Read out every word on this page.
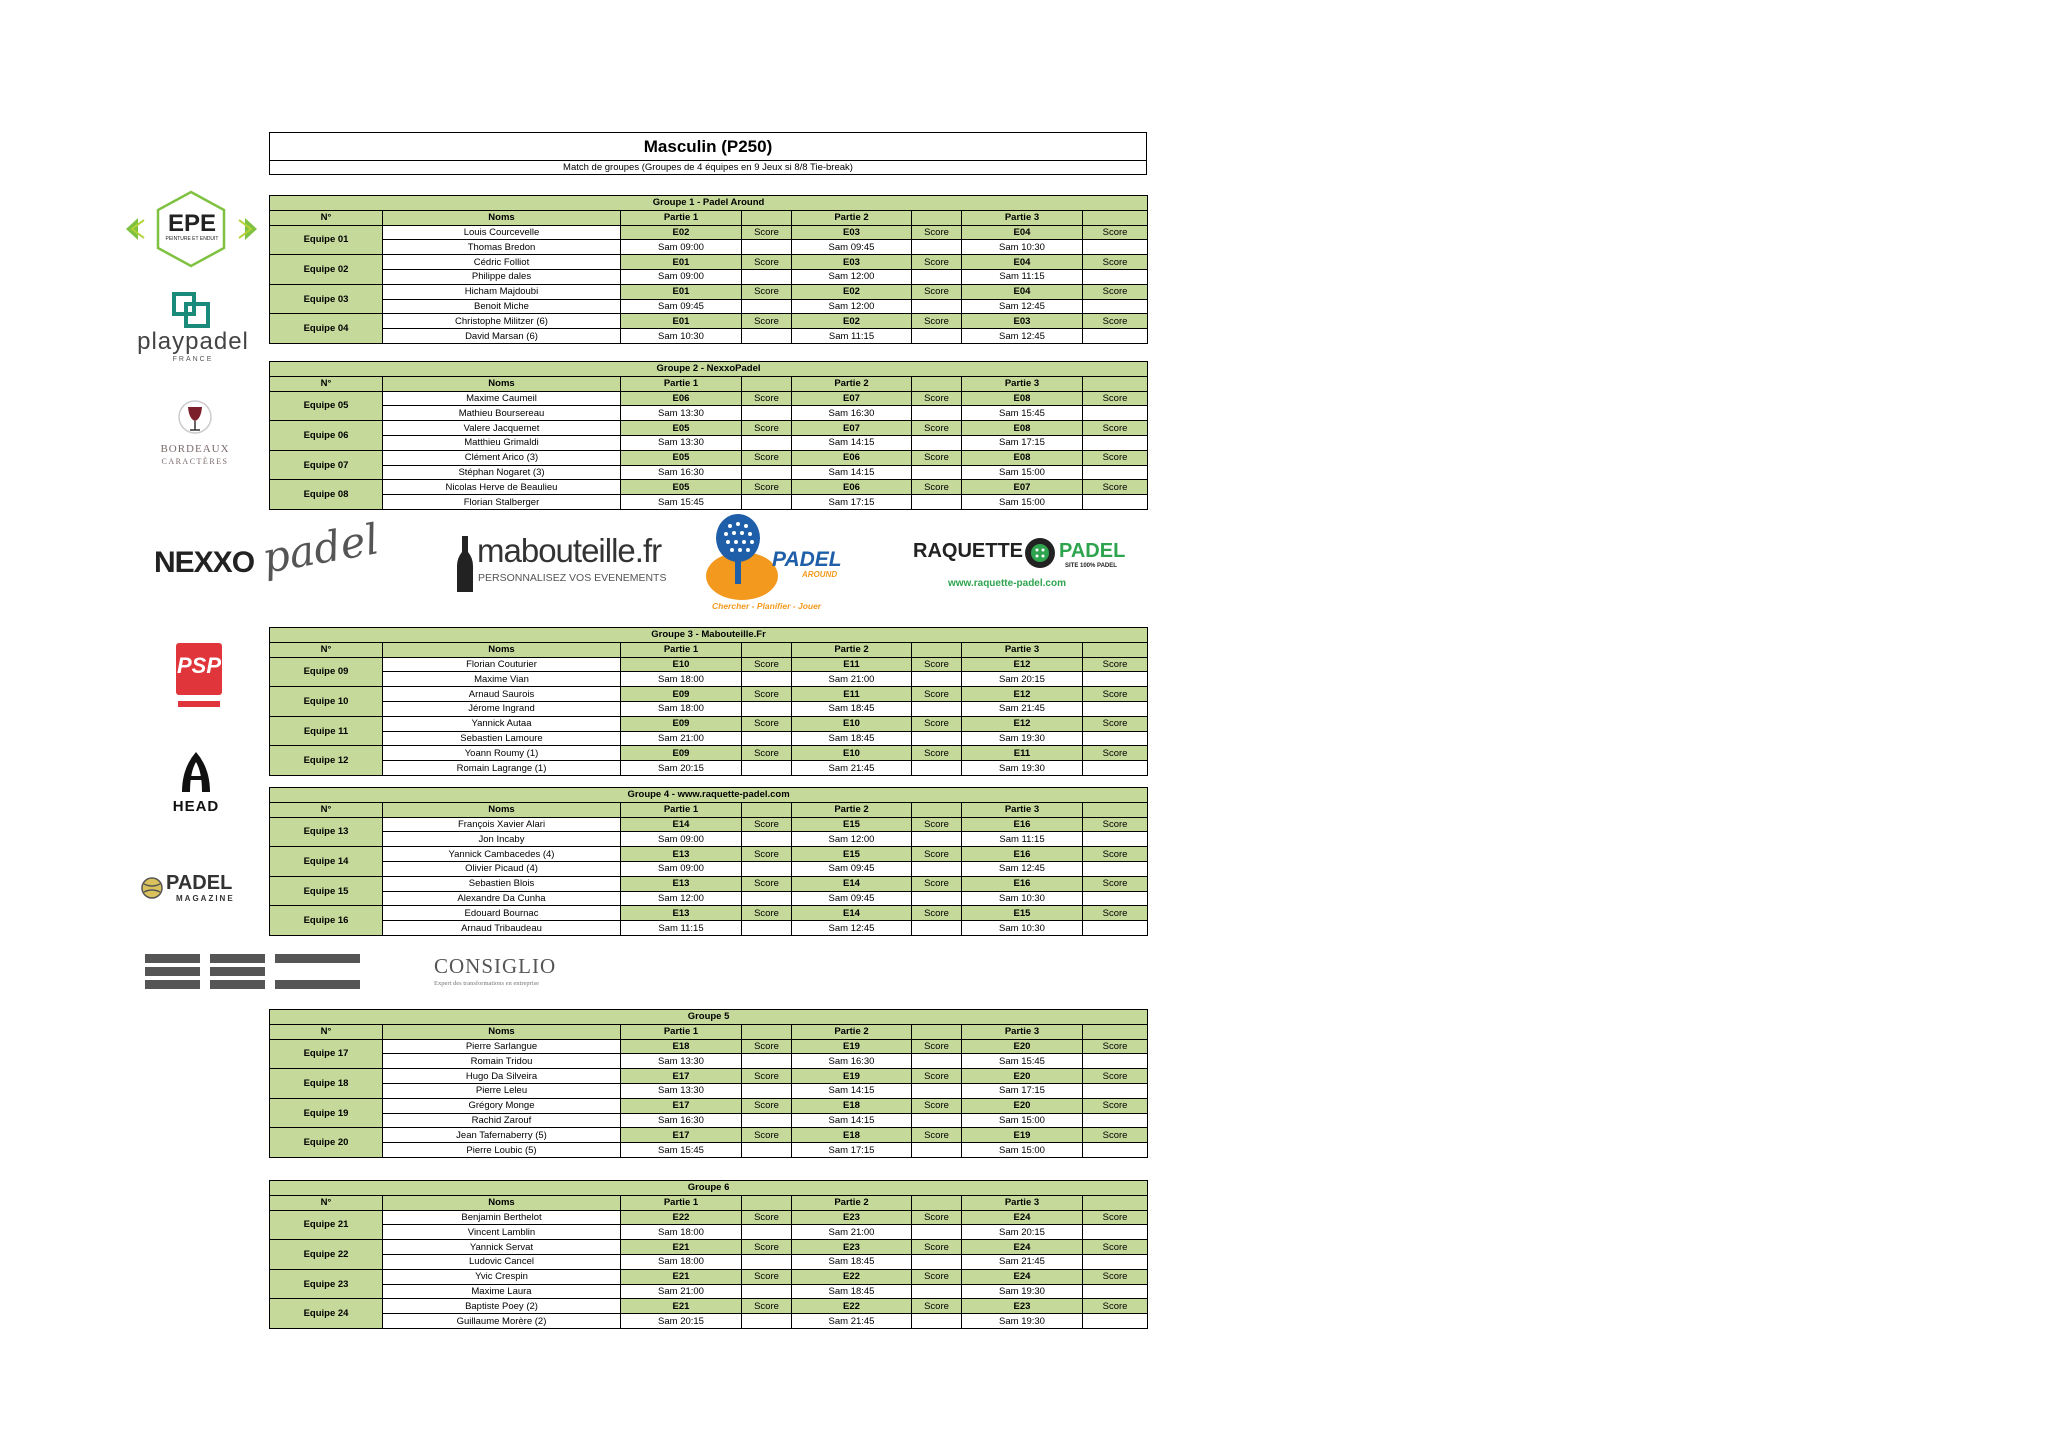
Masculin (P250)
Match de groupes (Groupes de 4 équipes en 9 Jeux si 8/8 Tie-break)
Groupe 1 - Padel Around							
N°	Noms	Partie 1		Partie 2		Partie 3	
Equipe 01	Louis Courcevelle	E02	Score	E03	Score	E04	Score
	Thomas Bredon	Sam 09:00		Sam 09:45		Sam 10:30	
Equipe 02	Cédric Folliot	E01	Score	E03	Score	E04	Score
	Philippe dales	Sam 09:00		Sam 12:00		Sam 11:15	
Equipe 03	Hicham Majdoubi	E01	Score	E02	Score	E04	Score
	Benoit Miche	Sam 09:45		Sam 12:00		Sam 12:45	
Equipe 04	Christophe Militzer (6)	E01	Score	E02	Score	E03	Score
	David Marsan (6)	Sam 10:30		Sam 11:15		Sam 12:45	
Groupe 2 - NexxoPadel							
N°	Noms	Partie 1		Partie 2		Partie 3	
Equipe 05	Maxime Caumeil	E06	Score	E07	Score	E08	Score
	Mathieu Boursereau	Sam 13:30		Sam 16:30		Sam 15:45	
Equipe 06	Valere Jacquemet	E05	Score	E07	Score	E08	Score
	Matthieu Grimaldi	Sam 13:30		Sam 14:15		Sam 17:15	
Equipe 07	Clément Arico (3)	E05	Score	E06	Score	E08	Score
	Stéphan Nogaret (3)	Sam 16:30		Sam 14:15		Sam 15:00	
Equipe 08	Nicolas Herve de Beaulieu	E05	Score	E06	Score	E07	Score
	Florian Stalberger	Sam 15:45		Sam 17:15		Sam 15:00	
Groupe 3 - Mabouteille.Fr							
N°	Noms	Partie 1		Partie 2		Partie 3	
Equipe 09	Florian Couturier	E10	Score	E11	Score	E12	Score
	Maxime Vian	Sam 18:00		Sam 21:00		Sam 20:15	
Equipe 10	Arnaud Saurois	E09	Score	E11	Score	E12	Score
	Jérome Ingrand	Sam 18:00		Sam 18:45		Sam 21:45	
Equipe 11	Yannick Autaa	E09	Score	E10	Score	E12	Score
	Sebastien Lamoure	Sam 21:00		Sam 18:45		Sam 19:30	
Equipe 12	Yoann Roumy (1)	E09	Score	E10	Score	E11	Score
	Romain Lagrange (1)	Sam 20:15		Sam 21:45		Sam 19:30	
Groupe 4 - www.raquette-padel.com							
N°	Noms	Partie 1		Partie 2		Partie 3	
Equipe 13	François Xavier Alari	E14	Score	E15	Score	E16	Score
	Jon Incaby	Sam 09:00		Sam 12:00		Sam 11:15	
Equipe 14	Yannick Cambacedes (4)	E13	Score	E15	Score	E16	Score
	Olivier Picaud (4)	Sam 09:00		Sam 09:45		Sam 12:45	
Equipe 15	Sebastien Blois	E13	Score	E14	Score	E16	Score
	Alexandre Da Cunha	Sam 12:00		Sam 09:45		Sam 10:30	
Equipe 16	Edouard Bournac	E13	Score	E14	Score	E15	Score
	Arnaud Tribaudeau	Sam 11:15		Sam 12:45		Sam 10:30	
Groupe 5							
N°	Noms	Partie 1		Partie 2		Partie 3	
Equipe 17	Pierre Sarlangue	E18	Score	E19	Score	E20	Score
	Romain Tridou	Sam 13:30		Sam 16:30		Sam 15:45	
Equipe 18	Hugo Da Silveira	E17	Score	E19	Score	E20	Score
	Pierre Leleu	Sam 13:30		Sam 14:15		Sam 17:15	
Equipe 19	Grégory Monge	E17	Score	E18	Score	E20	Score
	Rachid Zarouf	Sam 16:30		Sam 14:15		Sam 15:00	
Equipe 20	Jean Tafernaberry (5)	E17	Score	E18	Score	E19	Score
	Pierre Loubic (5)	Sam 15:45		Sam 17:15		Sam 15:00	
Groupe 6							
N°	Noms	Partie 1		Partie 2		Partie 3	
Equipe 21	Benjamin Berthelot	E22	Score	E23	Score	E24	Score
	Vincent Lamblin	Sam 18:00		Sam 21:00		Sam 20:15	
Equipe 22	Yannick Servat	E21	Score	E23	Score	E24	Score
	Ludovic Cancel	Sam 18:00		Sam 18:45		Sam 21:45	
Equipe 23	Yvic Crespin	E21	Score	E22	Score	E24	Score
	Maxime Laura	Sam 21:00		Sam 18:45		Sam 19:30	
Equipe 24	Baptiste Poey (2)	E21	Score	E22	Score	E23	Score
	Guillaume Morère (2)	Sam 20:15		Sam 21:45		Sam 19:30	
EPE
PEINTURE ET ENDUIT
playpadel
FRANCE
BORDEAUX
CARACTÈRES
NEXXO padel	mabouteille.fr
PERSONNALISEZ VOS EVENEMENTS
PADEL
AROUND
Chercher - Planifier - Jouer
RAQUETTE PADEL
SITE 100% PADEL
www.raquette-padel.com
PSP
HEAD
PADEL
MAGAZINE
CONSIGLIO
Expert des transformations en entreprise
